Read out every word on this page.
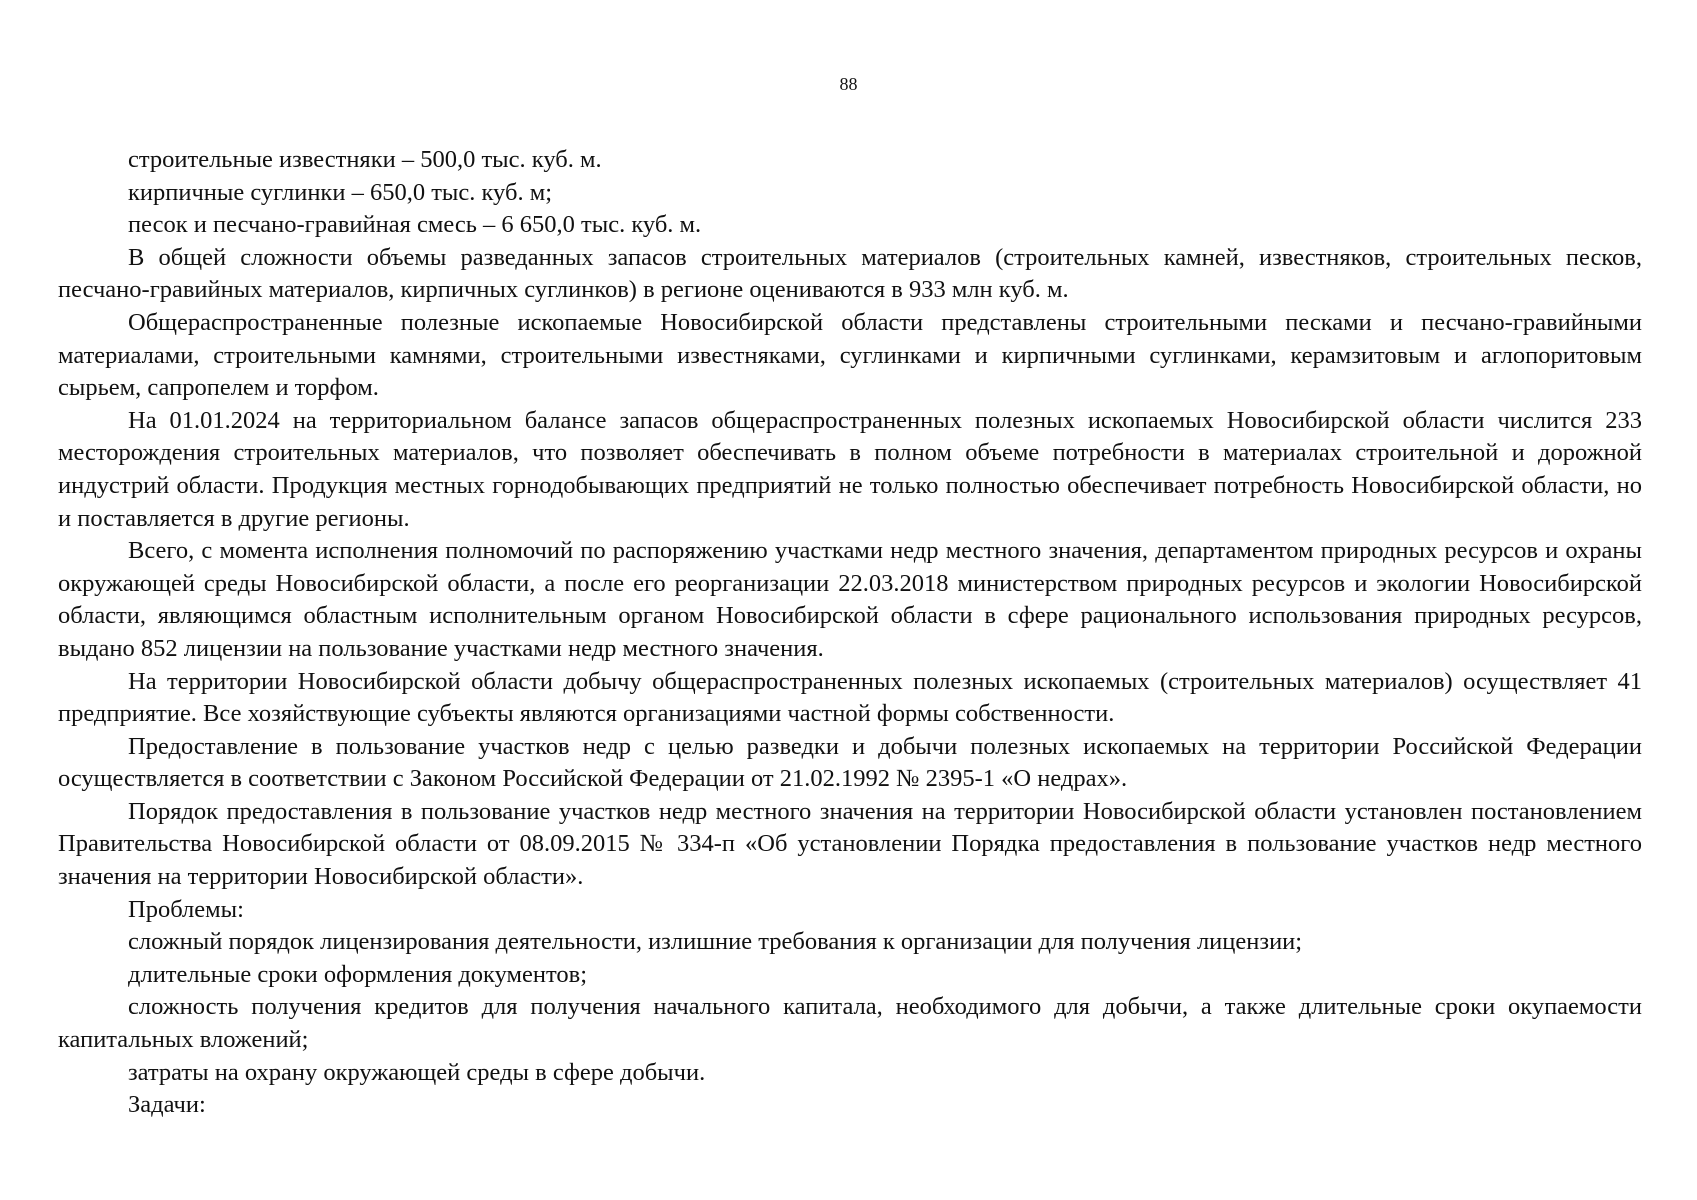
88

строительные известняки – 500,0 тыс. куб. м.

кирпичные суглинки – 650,0 тыс. куб. м;

песок и песчано-гравийная смесь – 6 650,0 тыс. куб. м.

В общей сложности объемы разведанных запасов строительных материалов (строительных камней, известняков, строительных песков, песчано-гравийных материалов, кирпичных суглинков) в регионе оцениваются в 933 млн куб. м.

Общераспространенные полезные ископаемые Новосибирской области представлены строительными песками и песчано-гравийными материалами, строительными камнями, строительными известняками, суглинками и кирпичными суглинками, керамзитовым и аглопоритовым сырьем, сапропелем и торфом.

На 01.01.2024 на территориальном балансе запасов общераспространенных полезных ископаемых Новосибирской области числится 233 месторождения строительных материалов, что позволяет обеспечивать в полном объеме потребности в материалах строительной и дорожной индустрий области. Продукция местных горнодобывающих предприятий не только полностью обеспечивает потребность Новосибирской области, но и поставляется в другие регионы.

Всего, с момента исполнения полномочий по распоряжению участками недр местного значения, департаментом природных ресурсов и охраны окружающей среды Новосибирской области, а после его реорганизации 22.03.2018 министерством природных ресурсов и экологии Новосибирской области, являющимся областным исполнительным органом Новосибирской области в сфере рационального использования природных ресурсов, выдано 852 лицензии на пользование участками недр местного значения.

На территории Новосибирской области добычу общераспространенных полезных ископаемых (строительных материалов) осуществляет 41 предприятие. Все хозяйствующие субъекты являются организациями частной формы собственности.

Предоставление в пользование участков недр с целью разведки и добычи полезных ископаемых на территории Российской Федерации осуществляется в соответствии с Законом Российской Федерации от 21.02.1992 № 2395-1 «О недрах».

Порядок предоставления в пользование участков недр местного значения на территории Новосибирской области установлен постановлением Правительства Новосибирской области от 08.09.2015 № 334-п «Об установлении Порядка предоставления в пользование участков недр местного значения на территории Новосибирской области».

Проблемы:

сложный порядок лицензирования деятельности, излишние требования к организации для получения лицензии;

длительные сроки оформления документов;

сложность получения кредитов для получения начального капитала, необходимого для добычи, а также длительные сроки окупаемости капитальных вложений;

затраты на охрану окружающей среды в сфере добычи.

Задачи:
